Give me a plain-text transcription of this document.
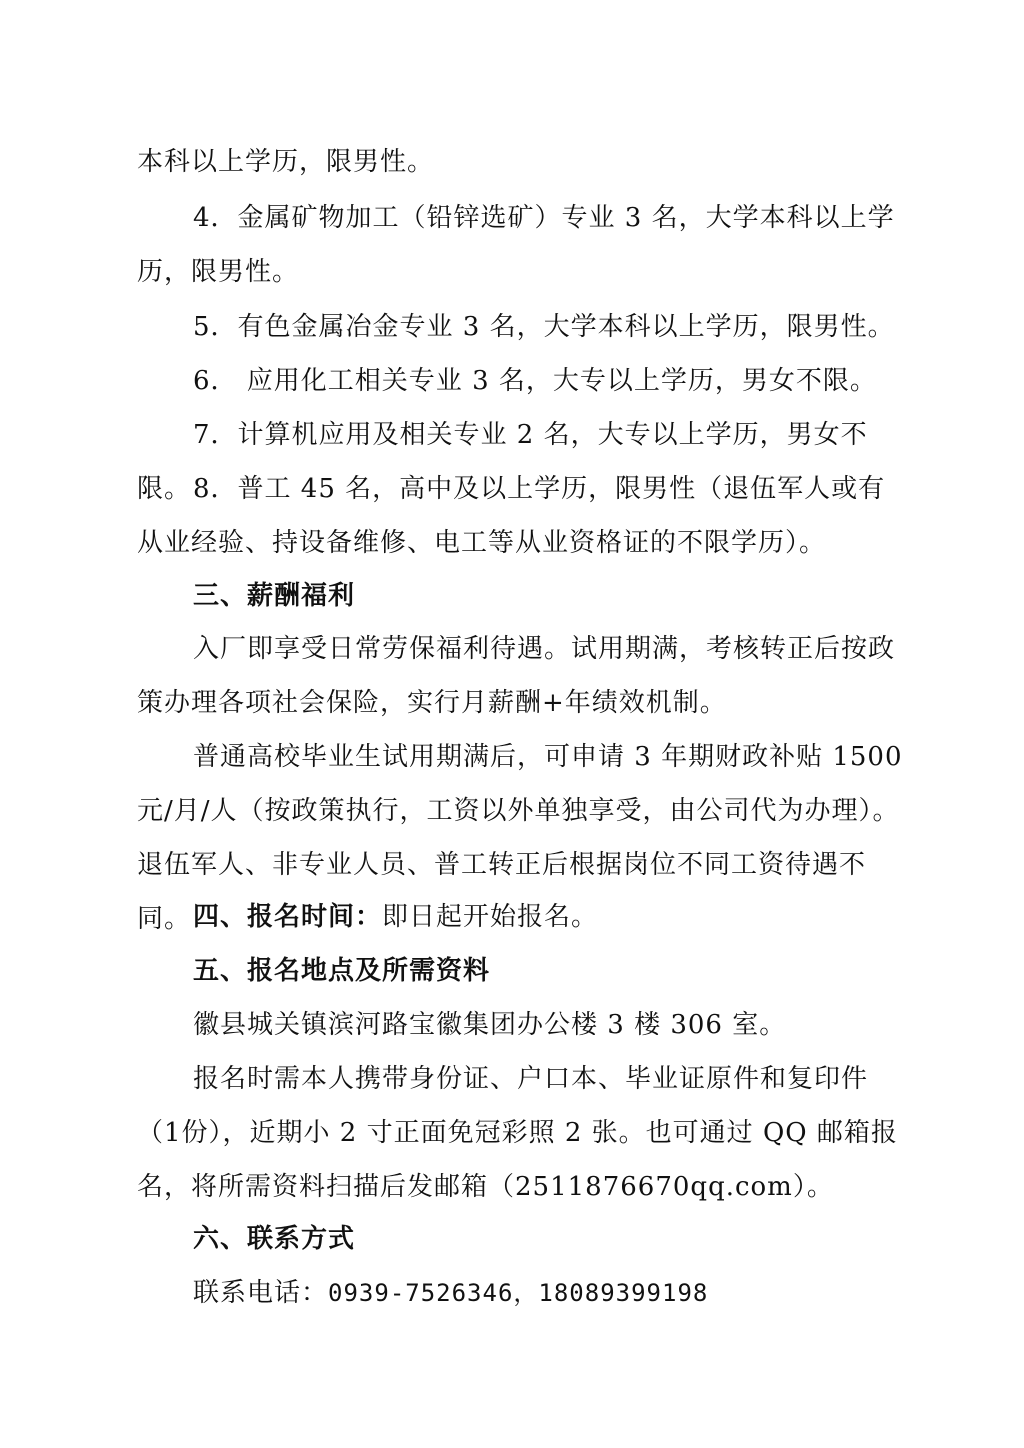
本科以上学历，限男性。

4．金属矿物加工（铅锌选矿）专业 3 名，大学本科以上学历，限男性。

5．有色金属冶金专业 3 名，大学本科以上学历，限男性。

6． 应用化工相关专业 3 名，大专以上学历，男女不限。

7．计算机应用及相关专业 2 名，大专以上学历，男女不限。 8．普工 45 名，高中及以上学历，限男性（退伍军人或有从业经验、持设备维修、电工等从业资格证的不限学历）。

三、薪酬福利

入厂即享受日常劳保福利待遇。试用期满，考核转正后按政策办理各项社会保险，实行月薪酬+年绩效机制。

普通高校毕业生试用期满后，可申请 3 年期财政补贴 1500 元/月/人（按政策执行，工资以外单独享受，由公司代为办理）。退伍军人、非专业人员、普工转正后根据岗位不同工资待遇不同。 四、报名时间：即日起开始报名。

五、报名地点及所需资料

徽县城关镇滨河路宝徽集团办公楼 3 楼 306 室。

报名时需本人携带身份证、户口本、毕业证原件和复印件（1份），近期小 2 寸正面免冠彩照 2 张。也可通过 QQ 邮箱报名，将所需资料扫描后发邮箱（2511876670qq.com）。

六、联系方式

联系电话：0939-7526346，18089399198
